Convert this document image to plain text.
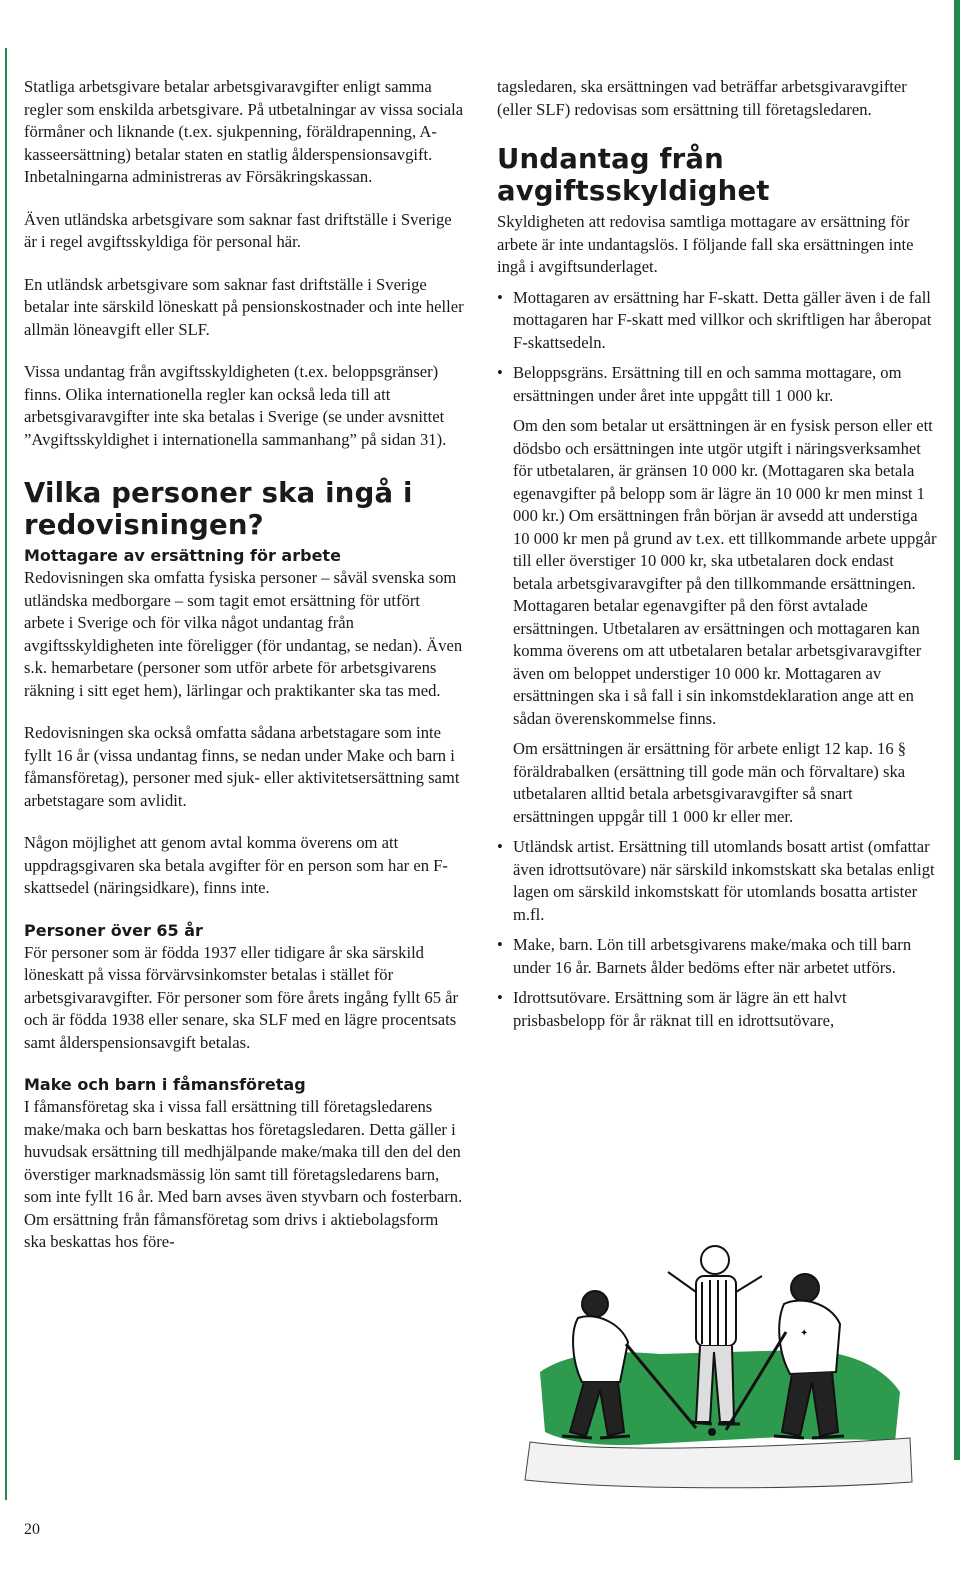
Statliga arbetsgivare betalar arbetsgivaravgifter enligt samma regler som enskilda arbetsgivare. På utbetalningar av vissa sociala förmåner och liknande (t.ex. sjukpenning, föräldrapenning, A-kasseersättning) betalar staten en statlig ålderspensionsavgift. Inbetalningarna administreras av Försäkringskassan.

Även utländska arbetsgivare som saknar fast driftställe i Sverige är i regel avgiftsskyldiga för personal här.

En utländsk arbetsgivare som saknar fast driftställe i Sverige betalar inte särskild löneskatt på pensionskostnader och inte heller allmän löneavgift eller SLF.

Vissa undantag från avgiftsskyldigheten (t.ex. beloppsgränser) finns. Olika internationella regler kan också leda till att arbetsgivaravgifter inte ska betalas i Sverige (se under avsnittet ”Avgiftsskyldighet i internationella sammanhang” på sidan 31).

Vilka personer ska ingå i redovisningen?
Mottagare av ersättning för arbete

Redovisningen ska omfatta fysiska personer – såväl svenska som utländska medborgare – som tagit emot ersättning för utfört arbete i Sverige och för vilka något undantag från avgiftsskyldigheten inte föreligger (för undantag, se nedan). Även s.k. hemarbetare (personer som utför arbete för arbetsgivarens räkning i sitt eget hem), lärlingar och praktikanter ska tas med.

Redovisningen ska också omfatta sådana arbetstagare som inte fyllt 16 år (vissa undantag finns, se nedan under Make och barn i fåmansföretag), personer med sjuk- eller aktivitetsersättning samt arbetstagare som avlidit.

Någon möjlighet att genom avtal komma överens om att uppdragsgivaren ska betala avgifter för en person som har en F-skattsedel (näringsidkare), finns inte.

Personer över 65 år

För personer som är födda 1937 eller tidigare år ska särskild löneskatt på vissa förvärvsinkomster betalas i stället för arbetsgivaravgifter. För personer som före årets ingång fyllt 65 år och är födda 1938 eller senare, ska SLF med en lägre procentsats samt ålderspensionsavgift betalas.

Make och barn i fåmansföretag

I fåmansföretag ska i vissa fall ersättning till företagsledarens make/maka och barn beskattas hos företagsledaren. Detta gäller i huvudsak ersättning till medhjälpande make/maka till den del den överstiger marknadsmässig lön samt till företagsledarens barn, som inte fyllt 16 år. Med barn avses även styvbarn och fosterbarn. Om ersättning från fåmansföretag som drivs i aktiebolagsform ska beskattas hos före-

tagsledaren, ska ersättningen vad beträffar arbetsgivaravgifter (eller SLF) redovisas som ersättning till företagsledaren.

Undantag från avgiftsskyldighet

Skyldigheten att redovisa samtliga mottagare av ersättning för arbete är inte undantagslös. I följande fall ska ersättningen inte ingå i avgiftsunderlaget.

• Mottagaren av ersättning har F-skatt. Detta gäller även i de fall mottagaren har F-skatt med villkor och skriftligen har åberopat F-skattsedeln.

• Beloppsgräns. Ersättning till en och samma mottagare, om ersättningen under året inte uppgått till 1 000 kr.

Om den som betalar ut ersättningen är en fysisk person eller ett dödsbo och ersättningen inte utgör utgift i näringsverksamhet för utbetalaren, är gränsen 10 000 kr. (Mottagaren ska betala egenavgifter på belopp som är lägre än 10 000 kr men minst 1 000 kr.) Om ersättningen från början är avsedd att understiga 10 000 kr men på grund av t.ex. ett tillkommande arbete uppgår till eller överstiger 10 000 kr, ska utbetalaren dock endast betala arbetsgivaravgifter på den tillkommande ersättningen. Mottagaren betalar egenavgifter på den först avtalade ersättningen. Utbetalaren av ersättningen och mottagaren kan komma överens om att utbetalaren betalar arbetsgivaravgifter även om beloppet understiger 10 000 kr. Mottagaren av ersättningen ska i så fall i sin inkomstdeklaration ange att en sådan överenskommelse finns.

Om ersättningen är ersättning för arbete enligt 12 kap. 16 § föräldrabalken (ersättning till gode män och förvaltare) ska utbetalaren alltid betala arbetsgivaravgifter så snart ersättningen uppgår till 1 000 kr eller mer.

• Utländsk artist. Ersättning till utomlands bosatt artist (omfattar även idrottsutövare) när särskild inkomstskatt ska betalas enligt lagen om särskild inkomstskatt för utomlands bosatta artister m.fl.

• Make, barn. Lön till arbetsgivarens make/maka och till barn under 16 år. Barnets ålder bedöms efter när arbetet utförs.

• Idrottsutövare. Ersättning som är lägre än ett halvt prisbasbelopp för år räknat till en idrottsutövare,

✦
20
